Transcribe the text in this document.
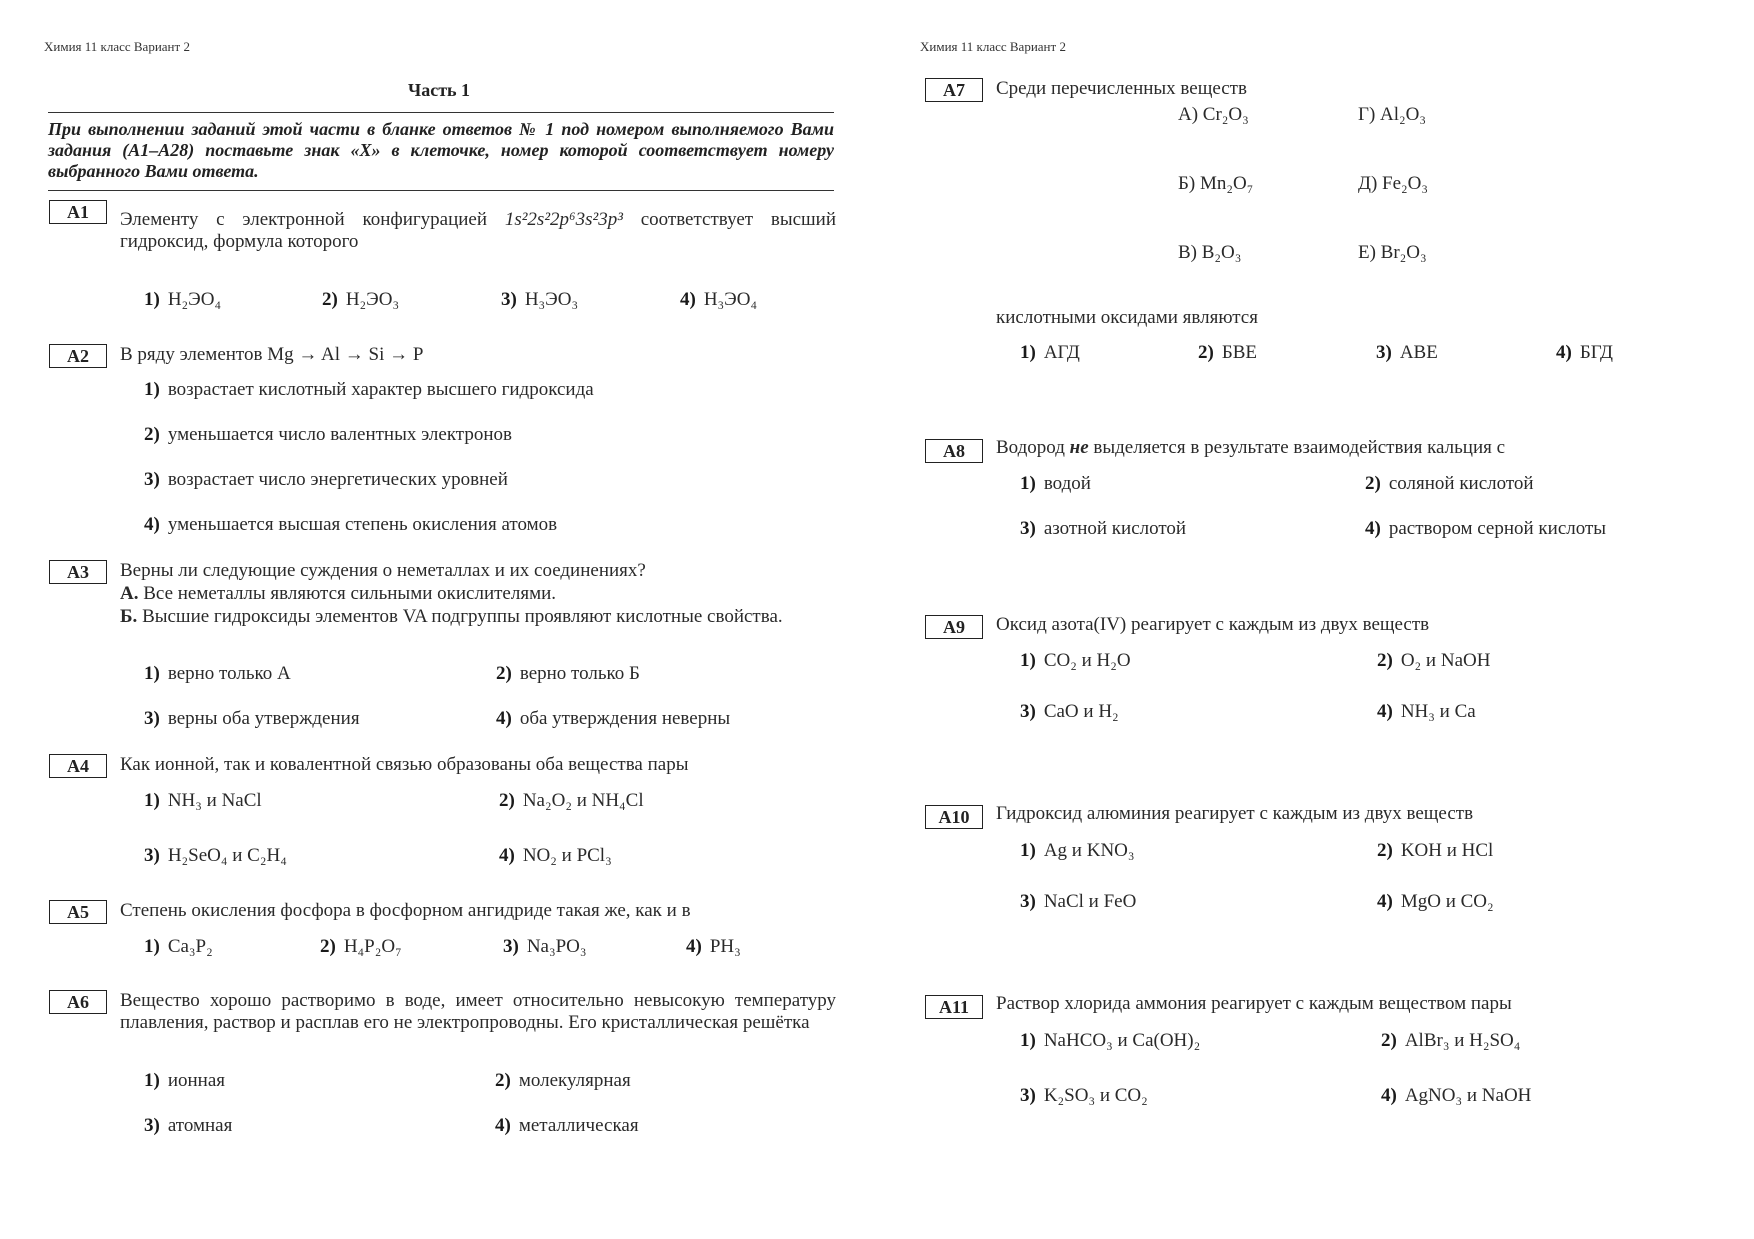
Химия 11 класс Вариант 2	Химия 11 класс Вариант 2
Часть 1
При выполнении заданий этой части в бланке ответов № 1 под номером выполняемого Вами задания (А1–А28) поставьте знак «Х» в клеточке, номер которой соответствует номеру выбранного Вами ответа.
А1	Элементу с электронной конфигурацией 1s²2s²2p⁶3s²3p³ соответствует высший гидроксид, формула которого
1) H₂ЭO₄	2) H₂ЭO₃	3) H₃ЭO₃	4) H₃ЭO₄
А2	В ряду элементов Mg → Al → Si → P
1) возрастает кислотный характер высшего гидроксида
2) уменьшается число валентных электронов
3) возрастает число энергетических уровней
4) уменьшается высшая степень окисления атомов
А3	Верны ли следующие суждения о неметаллах и их соединениях?
А. Все неметаллы являются сильными окислителями.
Б. Высшие гидроксиды элементов VA подгруппы проявляют кислотные свойства.
1) верно только А	2) верно только Б
3) верны оба утверждения	4) оба утверждения неверны
А4	Как ионной, так и ковалентной связью образованы оба вещества пары
1) NH₃ и NaCl	2) Na₂O₂ и NH₄Cl
3) H₂SeO₄ и C₂H₄	4) NO₂ и PCl₃
А5	Степень окисления фосфора в фосфорном ангидриде такая же, как и в
1) Ca₃P₂	2) H₄P₂O₇	3) Na₃PO₃	4) PH₃
А6	Вещество хорошо растворимо в воде, имеет относительно невысокую температуру плавления, раствор и расплав его не электропроводны. Его кристаллическая решётка
1) ионная	2) молекулярная
3) атомная	4) металлическая
А7	Среди перечисленных веществ
А) Cr₂O₃	Г) Al₂O₃
Б) Mn₂O₇	Д) Fe₂O₃
В) B₂O₃	Е) Br₂O₃
кислотными оксидами являются
1) АГД	2) БВЕ	3) АВЕ	4) БГД
А8	Водород не выделяется в результате взаимодействия кальция с
1) водой	2) соляной кислотой
3) азотной кислотой	4) раствором серной кислоты
А9	Оксид азота(IV) реагирует с каждым из двух веществ
1) CO₂ и H₂O	2) O₂ и NaOH
3) CaO и H₂	4) NH₃ и Ca
А10	Гидроксид алюминия реагирует с каждым из двух веществ
1) Ag и KNO₃	2) KOH и HCl
3) NaCl и FeO	4) MgO и CO₂
А11	Раствор хлорида аммония реагирует с каждым веществом пары
1) NaHCO₃ и Ca(OH)₂	2) AlBr₃ и H₂SO₄
3) K₂SO₃ и CO₂	4) AgNO₃ и NaOH
